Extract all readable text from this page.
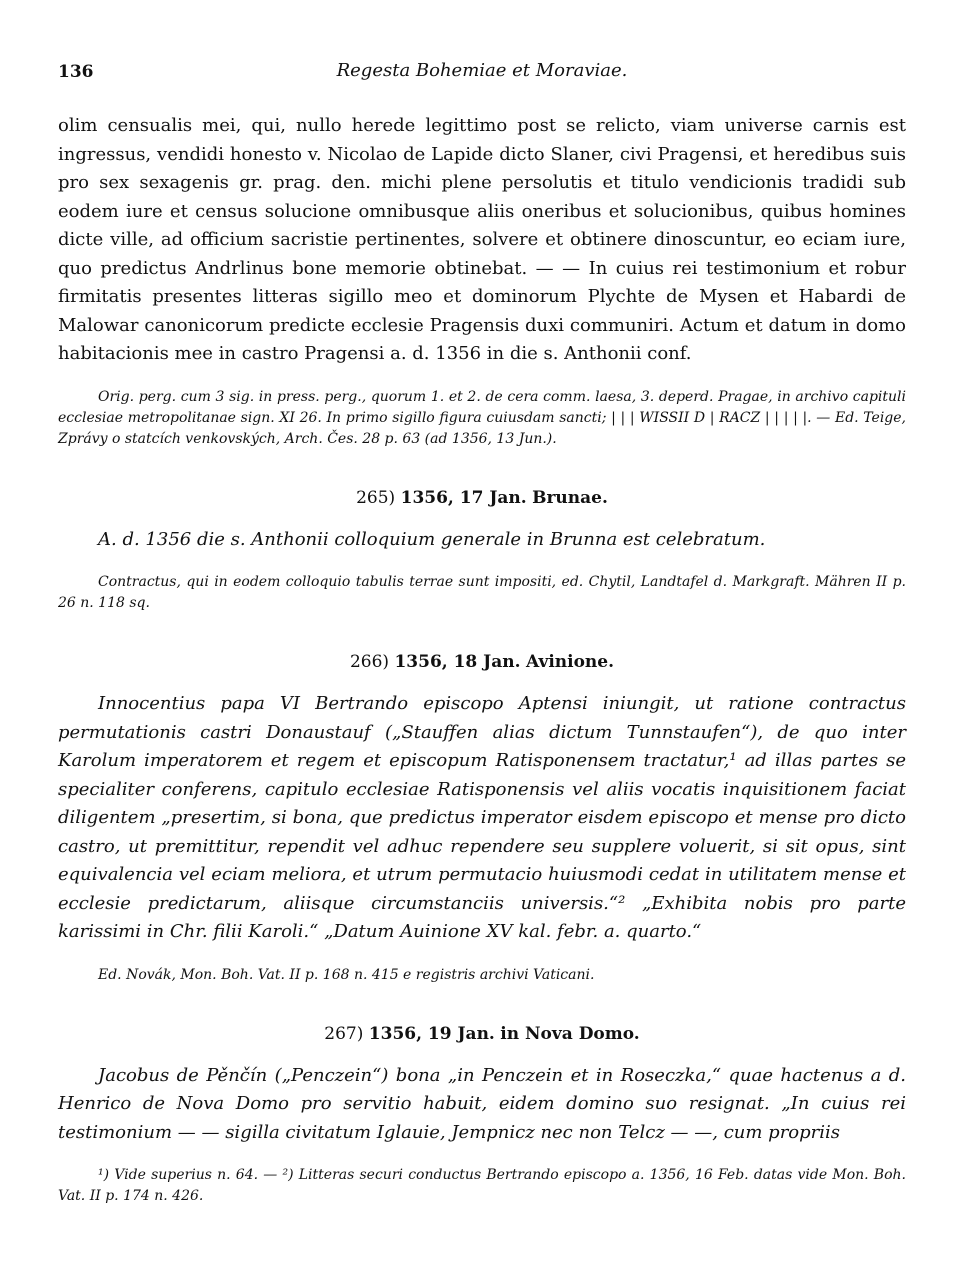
136	Regesta Bohemiae et Moraviae.

olim censualis mei, qui, nullo herede legittimo post se relicto, viam universe carnis est ingressus, vendidi honesto v. Nicolao de Lapide dicto Slaner, civi Pragensi, et heredibus suis pro sex sexagenis gr. prag. den. michi plene persolutis et titulo vendicionis tradidi sub eodem iure et census solucione omnibusque aliis oneribus et solucionibus, quibus homines dicte ville, ad officium sacristie pertinentes, solvere et obtinere dinoscuntur, eo eciam iure, quo predictus Andrlinus bone memorie obtinebat. — — In cuius rei testimonium et robur firmitatis presentes litteras sigillo meo et dominorum Plychte de Mysen et Habardi de Malowar canonicorum predicte ecclesie Pragensis duxi communiri. Actum et datum in domo habitacionis mee in castro Pragensi a. d. 1356 in die s. Anthonii conf.

Orig. perg. cum 3 sig. in press. perg., quorum 1. et 2. de cera comm. laesa, 3. deperd. Pragae, in archivo capituli ecclesiae metropolitanae sign. XI 26. In primo sigillo figura cuiusdam sancti; | | | WISSII D | RACZ | | | | |. — Ed. Teige, Zprávy o statcích venkovských, Arch. Čes. 28 p. 63 (ad 1356, 13 Jun.).

265) 1356, 17 Jan. Brunae.

A. d. 1356 die s. Anthonii colloquium generale in Brunna est celebratum.

Contractus, qui in eodem colloquio tabulis terrae sunt impositi, ed. Chytil, Landtafel d. Markgraft. Mähren II p. 26 n. 118 sq.

266) 1356, 18 Jan. Avinione.

Innocentius papa VI Bertrando episcopo Aptensi iniungit, ut ratione contractus permutationis castri Donaustauf („Stauffen alias dictum Tunnstaufen“), de quo inter Karolum imperatorem et regem et episcopum Ratisponensem tractatur,¹ ad illas partes se specialiter conferens, capitulo ecclesiae Ratisponensis vel aliis vocatis inquisitionem faciat diligentem „presertim, si bona, que predictus imperator eisdem episcopo et mense pro dicto castro, ut premittitur, rependit vel adhuc rependere seu supplere voluerit, si sit opus, sint equivalencia vel eciam meliora, et utrum permutacio huiusmodi cedat in utilitatem mense et ecclesie predictarum, aliisque circumstanciis universis.“² „Exhibita nobis pro parte karissimi in Chr. filii Karoli.“ „Datum Auinione XV kal. febr. a. quarto.“

Ed. Novák, Mon. Boh. Vat. II p. 168 n. 415 e registris archivi Vaticani.

267) 1356, 19 Jan. in Nova Domo.

Jacobus de Pěnčín („Penczein“) bona „in Penczein et in Roseczka,“ quae hactenus a d. Henrico de Nova Domo pro servitio habuit, eidem domino suo resignat. „In cuius rei testimonium — — sigilla civitatum Iglauie, Jempnicz nec non Telcz — —, cum propriis

¹) Vide superius n. 64. — ²) Litteras securi conductus Bertrando episcopo a. 1356, 16 Feb. datas vide Mon. Boh. Vat. II p. 174 n. 426.
